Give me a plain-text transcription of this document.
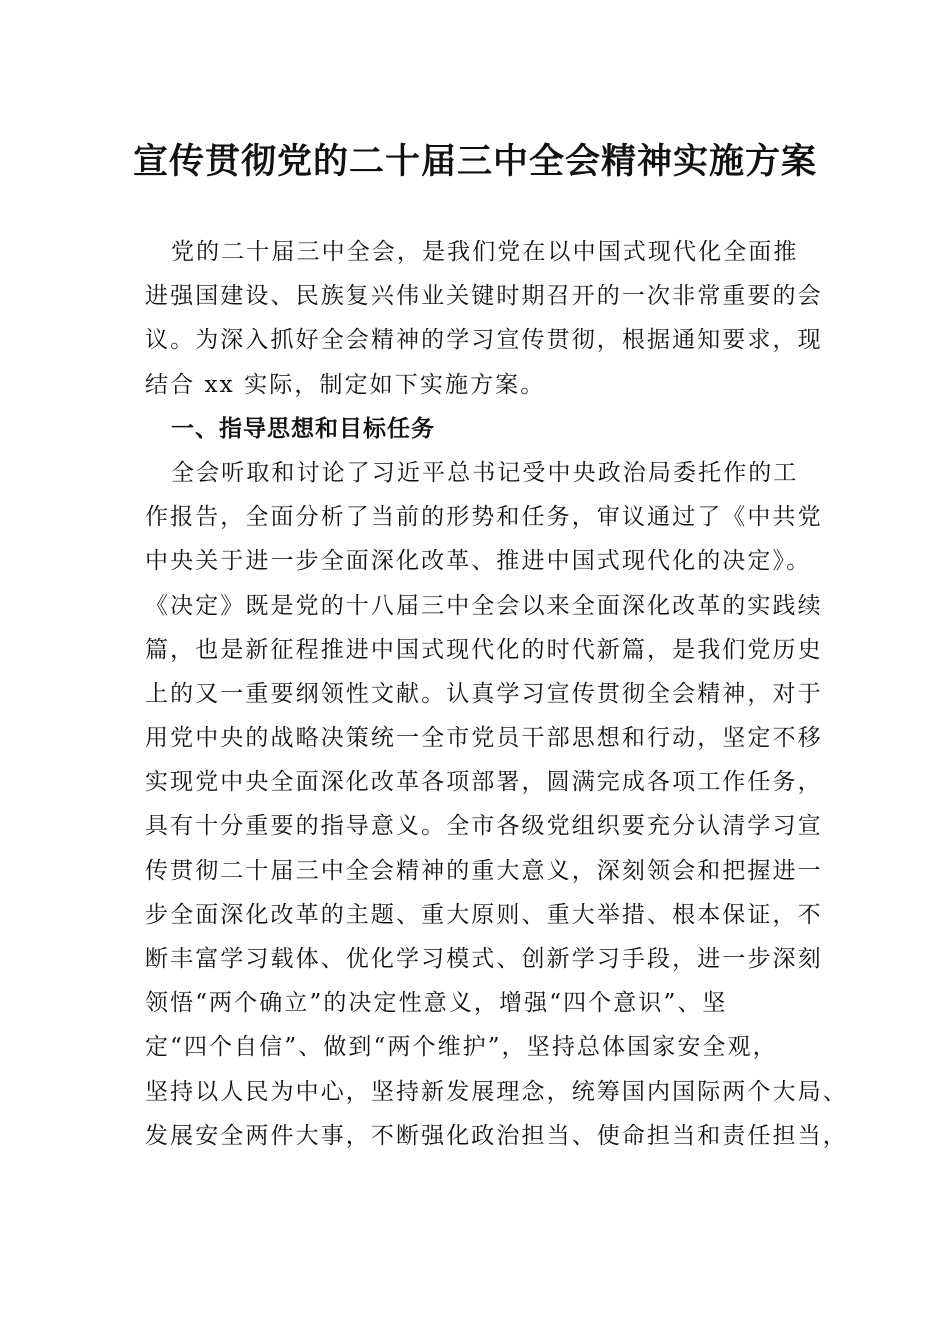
宣传贯彻党的二十届三中全会精神实施方案
党的二十届三中全会，是我们党在以中国式现代化全面推
进强国建设、民族复兴伟业关键时期召开的一次非常重要的会
议。为深入抓好全会精神的学习宣传贯彻，根据通知要求，现
结合 xx 实际，制定如下实施方案。
一、指导思想和目标任务
全会听取和讨论了习近平总书记受中央政治局委托作的工
作报告，全面分析了当前的形势和任务，审议通过了《中共党
中央关于进一步全面深化改革、推进中国式现代化的决定》。
《决定》既是党的十八届三中全会以来全面深化改革的实践续
篇，也是新征程推进中国式现代化的时代新篇，是我们党历史
上的又一重要纲领性文献。认真学习宣传贯彻全会精神，对于
用党中央的战略决策统一全市党员干部思想和行动，坚定不移
实现党中央全面深化改革各项部署，圆满完成各项工作任务，
具有十分重要的指导意义。全市各级党组织要充分认清学习宣
传贯彻二十届三中全会精神的重大意义，深刻领会和把握进一
步全面深化改革的主题、重大原则、重大举措、根本保证，不
断丰富学习载体、优化学习模式、创新学习手段，进一步深刻
领悟“两个确立”的决定性意义，增强“四个意识”、坚
定“四个自信”、做到“两个维护”，坚持总体国家安全观，
坚持以人民为中心，坚持新发展理念，统筹国内国际两个大局、
发展安全两件大事，不断强化政治担当、使命担当和责任担当，
